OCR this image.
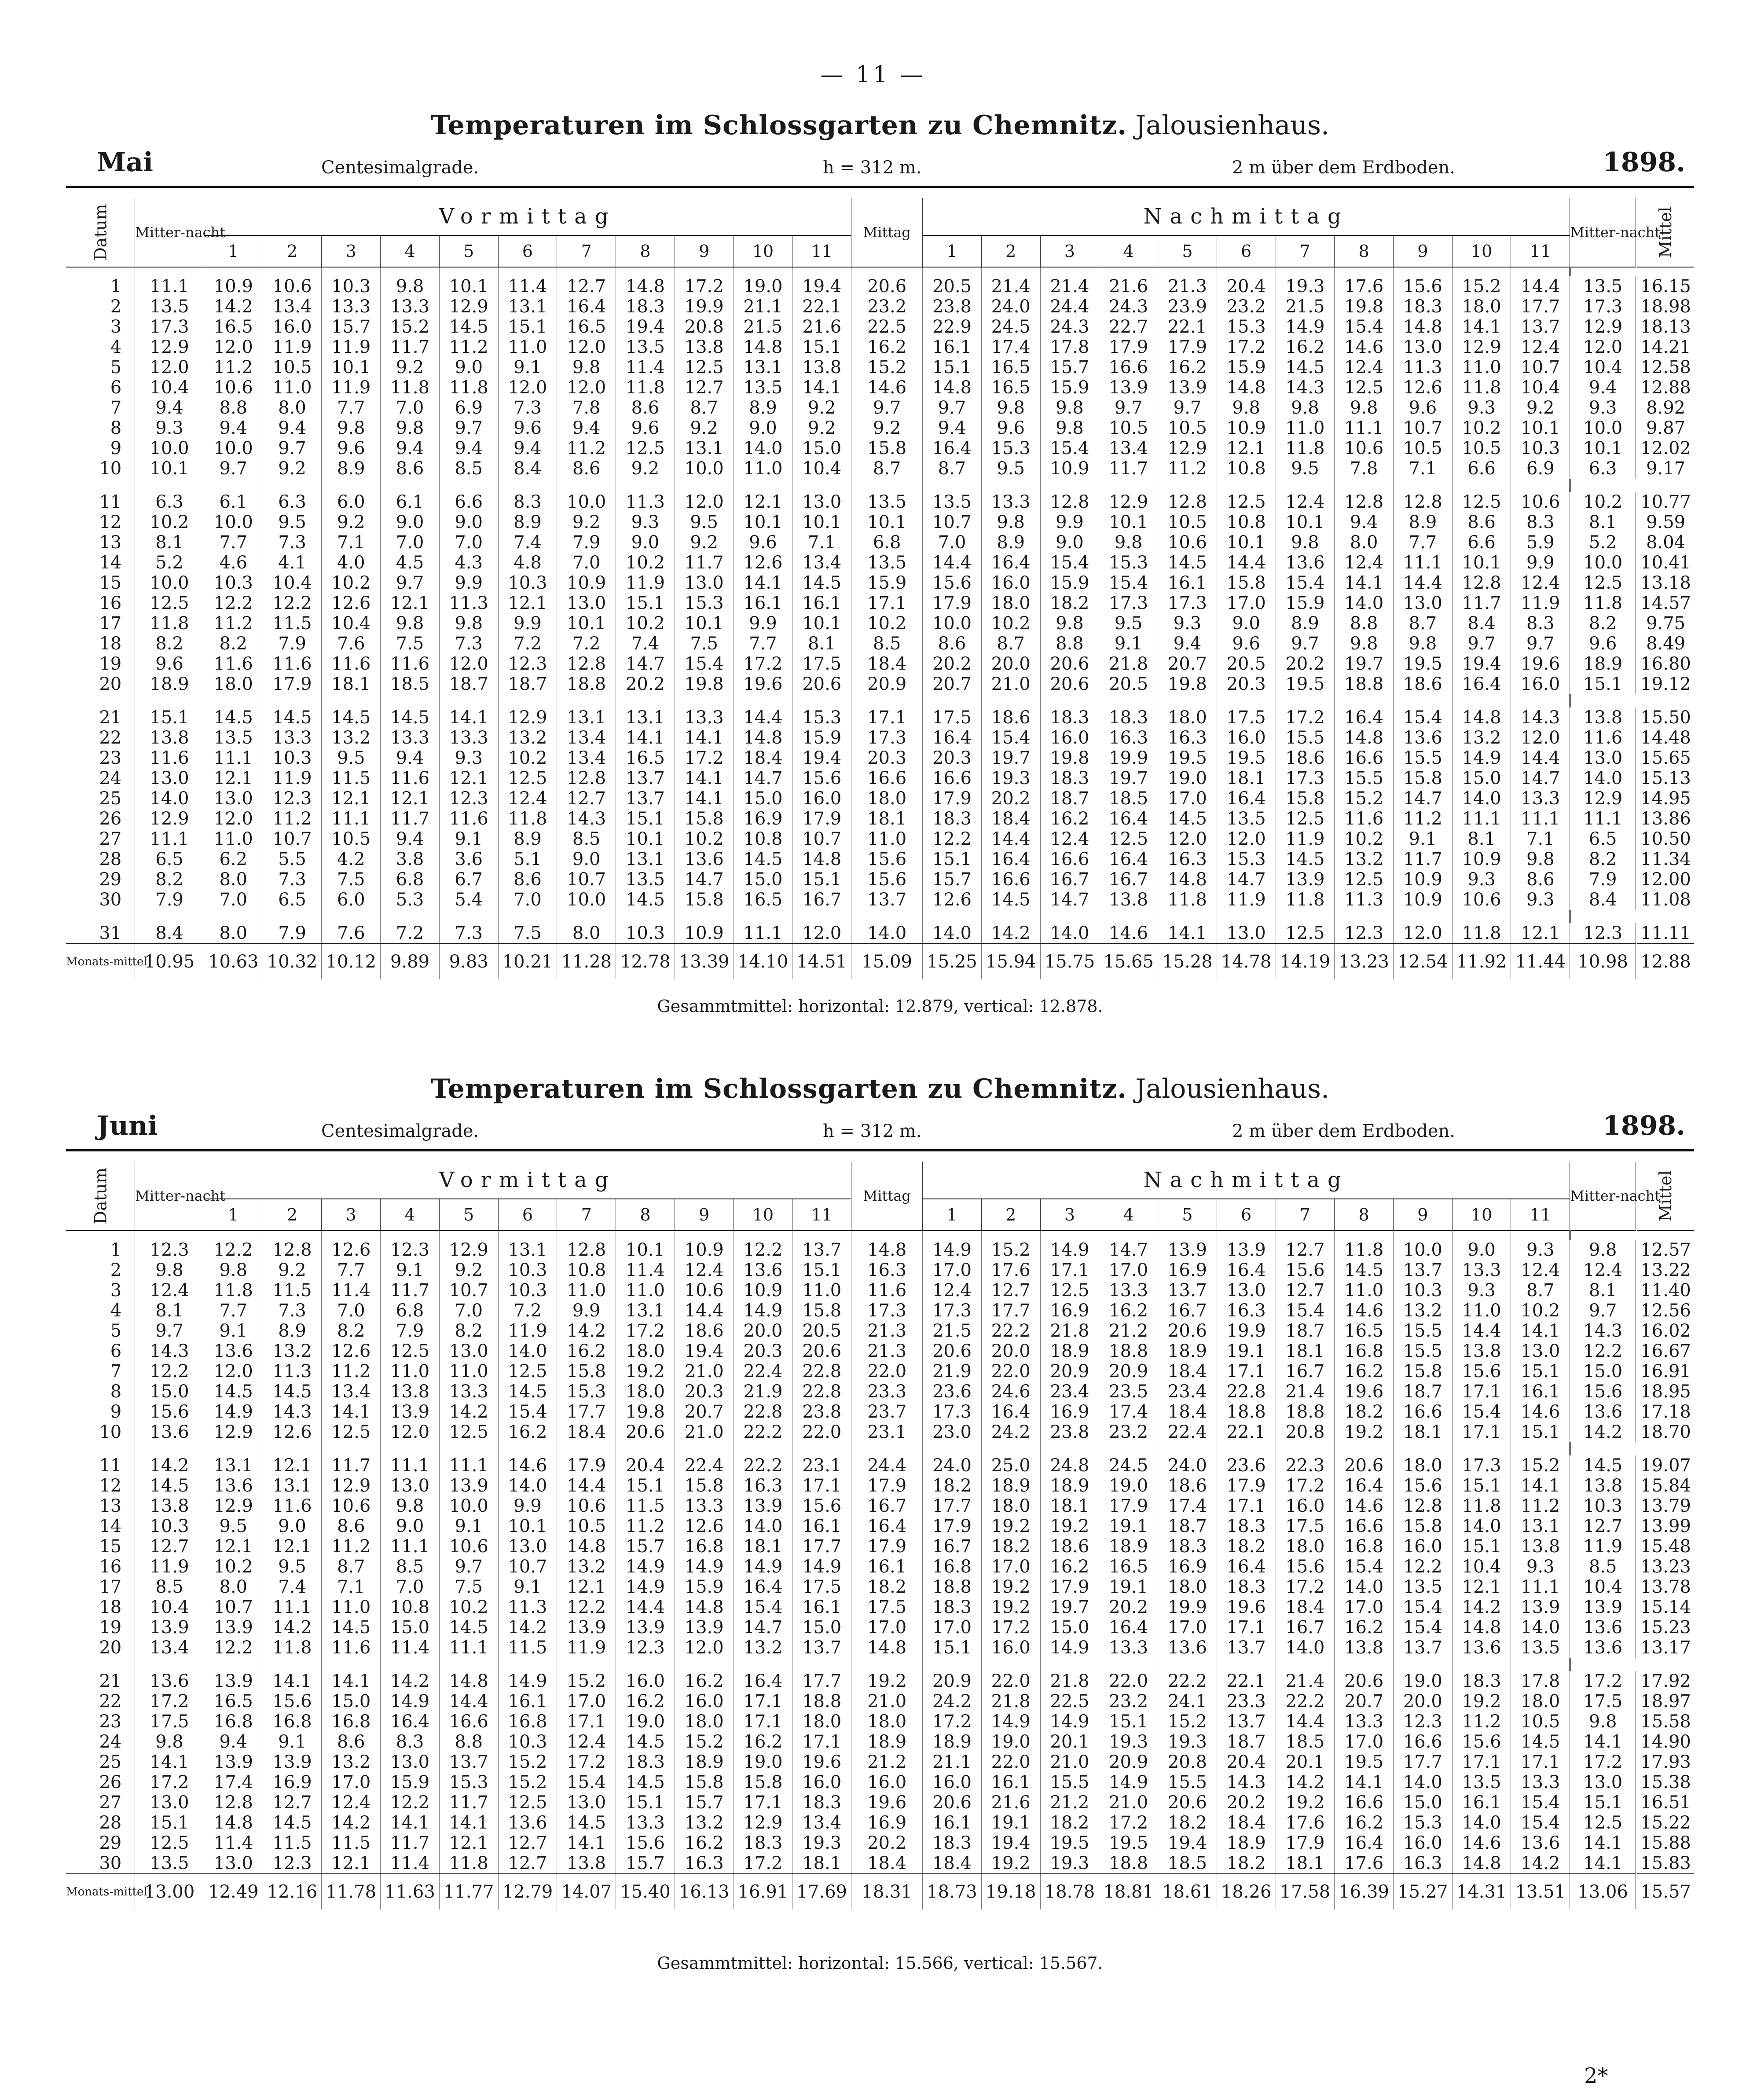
— 11 —
Temperaturen im Schlossgarten zu Chemnitz. Jalousienhaus.
Mai	Centesimalgrade.	h = 312 m.	2 m über dem Erdboden.	1898.
Datum	Mitter-nacht	Vormittag											Mittag	Nachmittag											Mitter-nacht	Mittel
		1	2	3	4	5	6	7	8	9	10	11		1	2	3	4	5	6	7	8	9	10	11		

1	11.1	10.9	10.6	10.3	9.8	10.1	11.4	12.7	14.8	17.2	19.0	19.4	20.6	20.5	21.4	21.4	21.6	21.3	20.4	19.3	17.6	15.6	15.2	14.4	13.5	16.15
2	13.5	14.2	13.4	13.3	13.3	12.9	13.1	16.4	18.3	19.9	21.1	22.1	23.2	23.8	24.0	24.4	24.3	23.9	23.2	21.5	19.8	18.3	18.0	17.7	17.3	18.98
3	17.3	16.5	16.0	15.7	15.2	14.5	15.1	16.5	19.4	20.8	21.5	21.6	22.5	22.9	24.5	24.3	22.7	22.1	15.3	14.9	15.4	14.8	14.1	13.7	12.9	18.13
4	12.9	12.0	11.9	11.9	11.7	11.2	11.0	12.0	13.5	13.8	14.8	15.1	16.2	16.1	17.4	17.8	17.9	17.9	17.2	16.2	14.6	13.0	12.9	12.4	12.0	14.21
5	12.0	11.2	10.5	10.1	9.2	9.0	9.1	9.8	11.4	12.5	13.1	13.8	15.2	15.1	16.5	15.7	16.6	16.2	15.9	14.5	12.4	11.3	11.0	10.7	10.4	12.58
6	10.4	10.6	11.0	11.9	11.8	11.8	12.0	12.0	11.8	12.7	13.5	14.1	14.6	14.8	16.5	15.9	13.9	13.9	14.8	14.3	12.5	12.6	11.8	10.4	9.4	12.88
7	9.4	8.8	8.0	7.7	7.0	6.9	7.3	7.8	8.6	8.7	8.9	9.2	9.7	9.7	9.8	9.8	9.7	9.7	9.8	9.8	9.8	9.6	9.3	9.2	9.3	8.92
8	9.3	9.4	9.4	9.8	9.8	9.7	9.6	9.4	9.6	9.2	9.0	9.2	9.2	9.4	9.6	9.8	10.5	10.5	10.9	11.0	11.1	10.7	10.2	10.1	10.0	9.87
9	10.0	10.0	9.7	9.6	9.4	9.4	9.4	11.2	12.5	13.1	14.0	15.0	15.8	16.4	15.3	15.4	13.4	12.9	12.1	11.8	10.6	10.5	10.5	10.3	10.1	12.02
10	10.1	9.7	9.2	8.9	8.6	8.5	8.4	8.6	9.2	10.0	11.0	10.4	8.7	8.7	9.5	10.9	11.7	11.2	10.8	9.5	7.8	7.1	6.6	6.9	6.3	9.17

11	6.3	6.1	6.3	6.0	6.1	6.6	8.3	10.0	11.3	12.0	12.1	13.0	13.5	13.5	13.3	12.8	12.9	12.8	12.5	12.4	12.8	12.8	12.5	10.6	10.2	10.77
12	10.2	10.0	9.5	9.2	9.0	9.0	8.9	9.2	9.3	9.5	10.1	10.1	10.1	10.7	9.8	9.9	10.1	10.5	10.8	10.1	9.4	8.9	8.6	8.3	8.1	9.59
13	8.1	7.7	7.3	7.1	7.0	7.0	7.4	7.9	9.0	9.2	9.6	7.1	6.8	7.0	8.9	9.0	9.8	10.6	10.1	9.8	8.0	7.7	6.6	5.9	5.2	8.04
14	5.2	4.6	4.1	4.0	4.5	4.3	4.8	7.0	10.2	11.7	12.6	13.4	13.5	14.4	16.4	15.4	15.3	14.5	14.4	13.6	12.4	11.1	10.1	9.9	10.0	10.41
15	10.0	10.3	10.4	10.2	9.7	9.9	10.3	10.9	11.9	13.0	14.1	14.5	15.9	15.6	16.0	15.9	15.4	16.1	15.8	15.4	14.1	14.4	12.8	12.4	12.5	13.18
16	12.5	12.2	12.2	12.6	12.1	11.3	12.1	13.0	15.1	15.3	16.1	16.1	17.1	17.9	18.0	18.2	17.3	17.3	17.0	15.9	14.0	13.0	11.7	11.9	11.8	14.57
17	11.8	11.2	11.5	10.4	9.8	9.8	9.9	10.1	10.2	10.1	9.9	10.1	10.2	10.0	10.2	9.8	9.5	9.3	9.0	8.9	8.8	8.7	8.4	8.3	8.2	9.75
18	8.2	8.2	7.9	7.6	7.5	7.3	7.2	7.2	7.4	7.5	7.7	8.1	8.5	8.6	8.7	8.8	9.1	9.4	9.6	9.7	9.8	9.8	9.7	9.7	9.6	8.49
19	9.6	11.6	11.6	11.6	11.6	12.0	12.3	12.8	14.7	15.4	17.2	17.5	18.4	20.2	20.0	20.6	21.8	20.7	20.5	20.2	19.7	19.5	19.4	19.6	18.9	16.80
20	18.9	18.0	17.9	18.1	18.5	18.7	18.7	18.8	20.2	19.8	19.6	20.6	20.9	20.7	21.0	20.6	20.5	19.8	20.3	19.5	18.8	18.6	16.4	16.0	15.1	19.12

21	15.1	14.5	14.5	14.5	14.5	14.1	12.9	13.1	13.1	13.3	14.4	15.3	17.1	17.5	18.6	18.3	18.3	18.0	17.5	17.2	16.4	15.4	14.8	14.3	13.8	15.50
22	13.8	13.5	13.3	13.2	13.3	13.3	13.2	13.4	14.1	14.1	14.8	15.9	17.3	16.4	15.4	16.0	16.3	16.3	16.0	15.5	14.8	13.6	13.2	12.0	11.6	14.48
23	11.6	11.1	10.3	9.5	9.4	9.3	10.2	13.4	16.5	17.2	18.4	19.4	20.3	20.3	19.7	19.8	19.9	19.5	19.5	18.6	16.6	15.5	14.9	14.4	13.0	15.65
24	13.0	12.1	11.9	11.5	11.6	12.1	12.5	12.8	13.7	14.1	14.7	15.6	16.6	16.6	19.3	18.3	19.7	19.0	18.1	17.3	15.5	15.8	15.0	14.7	14.0	15.13
25	14.0	13.0	12.3	12.1	12.1	12.3	12.4	12.7	13.7	14.1	15.0	16.0	18.0	17.9	20.2	18.7	18.5	17.0	16.4	15.8	15.2	14.7	14.0	13.3	12.9	14.95
26	12.9	12.0	11.2	11.1	11.7	11.6	11.8	14.3	15.1	15.8	16.9	17.9	18.1	18.3	18.4	16.2	16.4	14.5	13.5	12.5	11.6	11.2	11.1	11.1	11.1	13.86
27	11.1	11.0	10.7	10.5	9.4	9.1	8.9	8.5	10.1	10.2	10.8	10.7	11.0	12.2	14.4	12.4	12.5	12.0	12.0	11.9	10.2	9.1	8.1	7.1	6.5	10.50
28	6.5	6.2	5.5	4.2	3.8	3.6	5.1	9.0	13.1	13.6	14.5	14.8	15.6	15.1	16.4	16.6	16.4	16.3	15.3	14.5	13.2	11.7	10.9	9.8	8.2	11.34
29	8.2	8.0	7.3	7.5	6.8	6.7	8.6	10.7	13.5	14.7	15.0	15.1	15.6	15.7	16.6	16.7	16.7	14.8	14.7	13.9	12.5	10.9	9.3	8.6	7.9	12.00
30	7.9	7.0	6.5	6.0	5.3	5.4	7.0	10.0	14.5	15.8	16.5	16.7	13.7	12.6	14.5	14.7	13.8	11.8	11.9	11.8	11.3	10.9	10.6	9.3	8.4	11.08

31	8.4	8.0	7.9	7.6	7.2	7.3	7.5	8.0	10.3	10.9	11.1	12.0	14.0	14.0	14.2	14.0	14.6	14.1	13.0	12.5	12.3	12.0	11.8	12.1	12.3	11.11
Monats-mittel	10.95	10.63	10.32	10.12	9.89	9.83	10.21	11.28	12.78	13.39	14.10	14.51	15.09	15.25	15.94	15.75	15.65	15.28	14.78	14.19	13.23	12.54	11.92	11.44	10.98	12.88
Gesammtmittel: horizontal: 12.879, vertical: 12.878.
Temperaturen im Schlossgarten zu Chemnitz. Jalousienhaus.
Juni	Centesimalgrade.	h = 312 m.	2 m über dem Erdboden.	1898.
Datum	Mitter-nacht	Vormittag											Mittag	Nachmittag											Mitter-nacht	Mittel
		1	2	3	4	5	6	7	8	9	10	11		1	2	3	4	5	6	7	8	9	10	11		

1	12.3	12.2	12.8	12.6	12.3	12.9	13.1	12.8	10.1	10.9	12.2	13.7	14.8	14.9	15.2	14.9	14.7	13.9	13.9	12.7	11.8	10.0	9.0	9.3	9.8	12.57
2	9.8	9.8	9.2	7.7	9.1	9.2	10.3	10.8	11.4	12.4	13.6	15.1	16.3	17.0	17.6	17.1	17.0	16.9	16.4	15.6	14.5	13.7	13.3	12.4	12.4	13.22
3	12.4	11.8	11.5	11.4	11.7	10.7	10.3	11.0	11.0	10.6	10.9	11.0	11.6	12.4	12.7	12.5	13.3	13.7	13.0	12.7	11.0	10.3	9.3	8.7	8.1	11.40
4	8.1	7.7	7.3	7.0	6.8	7.0	7.2	9.9	13.1	14.4	14.9	15.8	17.3	17.3	17.7	16.9	16.2	16.7	16.3	15.4	14.6	13.2	11.0	10.2	9.7	12.56
5	9.7	9.1	8.9	8.2	7.9	8.2	11.9	14.2	17.2	18.6	20.0	20.5	21.3	21.5	22.2	21.8	21.2	20.6	19.9	18.7	16.5	15.5	14.4	14.1	14.3	16.02
6	14.3	13.6	13.2	12.6	12.5	13.0	14.0	16.2	18.0	19.4	20.3	20.6	21.3	20.6	20.0	18.9	18.8	18.9	19.1	18.1	16.8	15.5	13.8	13.0	12.2	16.67
7	12.2	12.0	11.3	11.2	11.0	11.0	12.5	15.8	19.2	21.0	22.4	22.8	22.0	21.9	22.0	20.9	20.9	18.4	17.1	16.7	16.2	15.8	15.6	15.1	15.0	16.91
8	15.0	14.5	14.5	13.4	13.8	13.3	14.5	15.3	18.0	20.3	21.9	22.8	23.3	23.6	24.6	23.4	23.5	23.4	22.8	21.4	19.6	18.7	17.1	16.1	15.6	18.95
9	15.6	14.9	14.3	14.1	13.9	14.2	15.4	17.7	19.8	20.7	22.8	23.8	23.7	17.3	16.4	16.9	17.4	18.4	18.8	18.8	18.2	16.6	15.4	14.6	13.6	17.18
10	13.6	12.9	12.6	12.5	12.0	12.5	16.2	18.4	20.6	21.0	22.2	22.0	23.1	23.0	24.2	23.8	23.2	22.4	22.1	20.8	19.2	18.1	17.1	15.1	14.2	18.70

11	14.2	13.1	12.1	11.7	11.1	11.1	14.6	17.9	20.4	22.4	22.2	23.1	24.4	24.0	25.0	24.8	24.5	24.0	23.6	22.3	20.6	18.0	17.3	15.2	14.5	19.07
12	14.5	13.6	13.1	12.9	13.0	13.9	14.0	14.4	15.1	15.8	16.3	17.1	17.9	18.2	18.9	18.9	19.0	18.6	17.9	17.2	16.4	15.6	15.1	14.1	13.8	15.84
13	13.8	12.9	11.6	10.6	9.8	10.0	9.9	10.6	11.5	13.3	13.9	15.6	16.7	17.7	18.0	18.1	17.9	17.4	17.1	16.0	14.6	12.8	11.8	11.2	10.3	13.79
14	10.3	9.5	9.0	8.6	9.0	9.1	10.1	10.5	11.2	12.6	14.0	16.1	16.4	17.9	19.2	19.2	19.1	18.7	18.3	17.5	16.6	15.8	14.0	13.1	12.7	13.99
15	12.7	12.1	12.1	11.2	11.1	10.6	13.0	14.8	15.7	16.8	18.1	17.7	17.9	16.7	18.2	18.6	18.9	18.3	18.2	18.0	16.8	16.0	15.1	13.8	11.9	15.48
16	11.9	10.2	9.5	8.7	8.5	9.7	10.7	13.2	14.9	14.9	14.9	14.9	16.1	16.8	17.0	16.2	16.5	16.9	16.4	15.6	15.4	12.2	10.4	9.3	8.5	13.23
17	8.5	8.0	7.4	7.1	7.0	7.5	9.1	12.1	14.9	15.9	16.4	17.5	18.2	18.8	19.2	17.9	19.1	18.0	18.3	17.2	14.0	13.5	12.1	11.1	10.4	13.78
18	10.4	10.7	11.1	11.0	10.8	10.2	11.3	12.2	14.4	14.8	15.4	16.1	17.5	18.3	19.2	19.7	20.2	19.9	19.6	18.4	17.0	15.4	14.2	13.9	13.9	15.14
19	13.9	13.9	14.2	14.5	15.0	14.5	14.2	13.9	13.9	13.9	14.7	15.0	17.0	17.0	17.2	15.0	16.4	17.0	17.1	16.7	16.2	15.4	14.8	14.0	13.6	15.23
20	13.4	12.2	11.8	11.6	11.4	11.1	11.5	11.9	12.3	12.0	13.2	13.7	14.8	15.1	16.0	14.9	13.3	13.6	13.7	14.0	13.8	13.7	13.6	13.5	13.6	13.17

21	13.6	13.9	14.1	14.1	14.2	14.8	14.9	15.2	16.0	16.2	16.4	17.7	19.2	20.9	22.0	21.8	22.0	22.2	22.1	21.4	20.6	19.0	18.3	17.8	17.2	17.92
22	17.2	16.5	15.6	15.0	14.9	14.4	16.1	17.0	16.2	16.0	17.1	18.8	21.0	24.2	21.8	22.5	23.2	24.1	23.3	22.2	20.7	20.0	19.2	18.0	17.5	18.97
23	17.5	16.8	16.8	16.8	16.4	16.6	16.8	17.1	19.0	18.0	17.1	18.0	18.0	17.2	14.9	14.9	15.1	15.2	13.7	14.4	13.3	12.3	11.2	10.5	9.8	15.58
24	9.8	9.4	9.1	8.6	8.3	8.8	10.3	12.4	14.5	15.2	16.2	17.1	18.9	18.9	19.0	20.1	19.3	19.3	18.7	18.5	17.0	16.6	15.6	14.5	14.1	14.90
25	14.1	13.9	13.9	13.2	13.0	13.7	15.2	17.2	18.3	18.9	19.0	19.6	21.2	21.1	22.0	21.0	20.9	20.8	20.4	20.1	19.5	17.7	17.1	17.1	17.2	17.93
26	17.2	17.4	16.9	17.0	15.9	15.3	15.2	15.4	14.5	15.8	15.8	16.0	16.0	16.0	16.1	15.5	14.9	15.5	14.3	14.2	14.1	14.0	13.5	13.3	13.0	15.38
27	13.0	12.8	12.7	12.4	12.2	11.7	12.5	13.0	15.1	15.7	17.1	18.3	19.6	20.6	21.6	21.2	21.0	20.6	20.2	19.2	16.6	15.0	16.1	15.4	15.1	16.51
28	15.1	14.8	14.5	14.2	14.1	14.1	13.6	14.5	13.3	13.2	12.9	13.4	16.9	16.1	19.1	18.2	17.2	18.2	18.4	17.6	16.2	15.3	14.0	15.4	12.5	15.22
29	12.5	11.4	11.5	11.5	11.7	12.1	12.7	14.1	15.6	16.2	18.3	19.3	20.2	18.3	19.4	19.5	19.5	19.4	18.9	17.9	16.4	16.0	14.6	13.6	14.1	15.88
30	13.5	13.0	12.3	12.1	11.4	11.8	12.7	13.8	15.7	16.3	17.2	18.1	18.4	18.4	19.2	19.3	18.8	18.5	18.2	18.1	17.6	16.3	14.8	14.2	14.1	15.83
Monats-mittel	13.00	12.49	12.16	11.78	11.63	11.77	12.79	14.07	15.40	16.13	16.91	17.69	18.31	18.73	19.18	18.78	18.81	18.61	18.26	17.58	16.39	15.27	14.31	13.51	13.06	15.57
Gesammtmittel: horizontal: 15.566, vertical: 15.567.
2*
